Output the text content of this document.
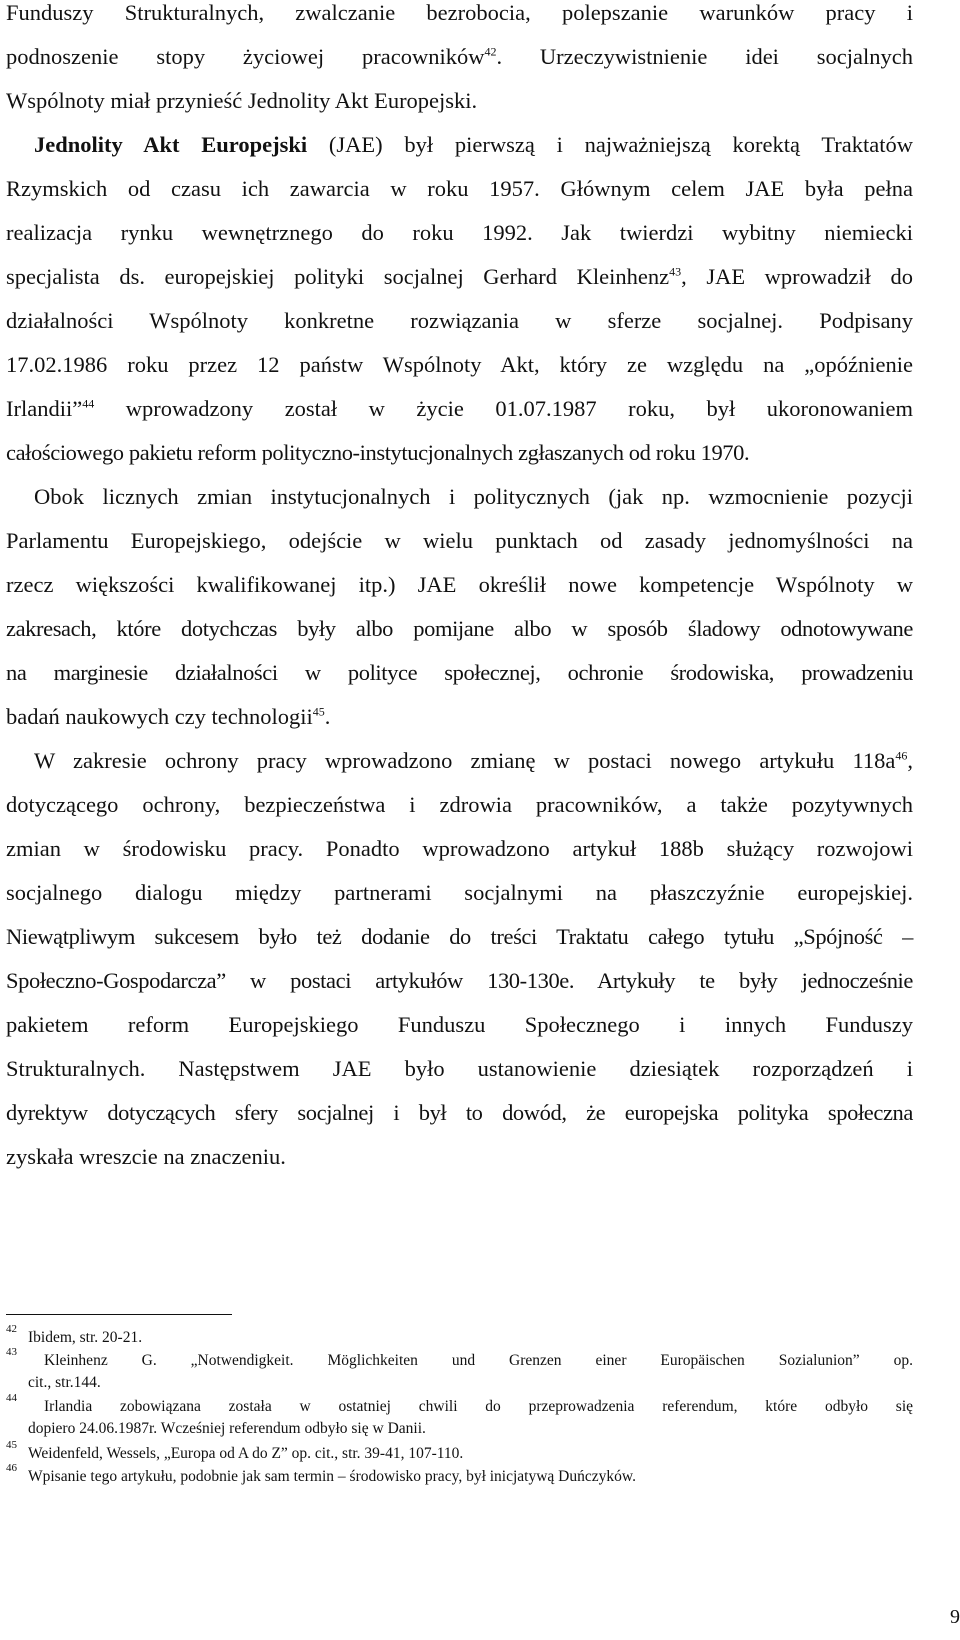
Funduszy Strukturalnych, zwalczanie bezrobocia, polepszanie warunków pracy i
podnoszenie stopy życiowej pracowników$^{42}$. Urzeczywistnienie idei socjalnych
Wspólnoty miał przynieść Jednolity Akt Europejski.
Jednolity Akt Europejski (JAE) był pierwszą i najważniejszą korektą Traktatów
Rzymskich od czasu ich zawarcia w roku 1957. Głównym celem JAE była pełna
realizacja rynku wewnętrznego do roku 1992. Jak twierdzi wybitny niemiecki
specjalista ds. europejskiej polityki socjalnej Gerhard Kleinhenz$^{43}$, JAE wprowadził do
działalności Wspólnoty konkretne rozwiązania w sferze socjalnej. Podpisany
17.02.1986 roku przez 12 państw Wspólnoty Akt, który ze względu na „opóźnienie
Irlandii”$^{44}$ wprowadzony został w życie 01.07.1987 roku, był ukoronowaniem
całościowego pakietu reform polityczno-instytucjonalnych zgłaszanych od roku 1970.
Obok licznych zmian instytucjonalnych i politycznych (jak np. wzmocnienie pozycji
Parlamentu Europejskiego, odejście w wielu punktach od zasady jednomyślności na
rzecz większości kwalifikowanej itp.) JAE określił nowe kompetencje Wspólnoty w
zakresach, które dotychczas były albo pomijane albo w sposób śladowy odnotowywane
na marginesie działalności w polityce społecznej, ochronie środowiska, prowadzeniu
badań naukowych czy technologii$^{45}$.
W zakresie ochrony pracy wprowadzono zmianę w postaci nowego artykułu $118a^{46}$,
dotyczącego ochrony, bezpieczeństwa i zdrowia pracowników, a także pozytywnych
zmian w środowisku pracy. Ponadto wprowadzono artykuł 188b służący rozwojowi
socjalnego dialogu między partnerami socjalnymi na płaszczyźnie europejskiej.
Niewątpliwym sukcesem było też dodanie do treści Traktatu całego tytułu „Spójność –
Społeczno-Gospodarcza” w postaci artykułów 130-130e. Artykuły te były jednocześnie
pakietem reform Europejskiego Funduszu Społecznego i innych Funduszy
Strukturalnych. Następstwem JAE było ustanowienie dziesiątek rozporządzeń i
dyrektyw dotyczących sfery socjalnej i był to dowód, że europejska polityka społeczna
zyskała wreszcie na znaczeniu.
42 Ibidem, str. 20-21.
43 Kleinhenz G. „Notwendigkeit. Möglichkeiten und Grenzen einer Europäischen Sozialunion” op.
cit., str.144.
44 Irlandia zobowiązana została w ostatniej chwili do przeprowadzenia referendum, które odbyło się
dopiero 24.06.1987r. Wcześniej referendum odbyło się w Danii.
45 Weidenfeld, Wessels, „Europa od A do Z” op. cit., str. 39-41, 107-110.
46 Wpisanie tego artykułu, podobnie jak sam termin – środowisko pracy, był inicjatywą Duńczyków.
9
